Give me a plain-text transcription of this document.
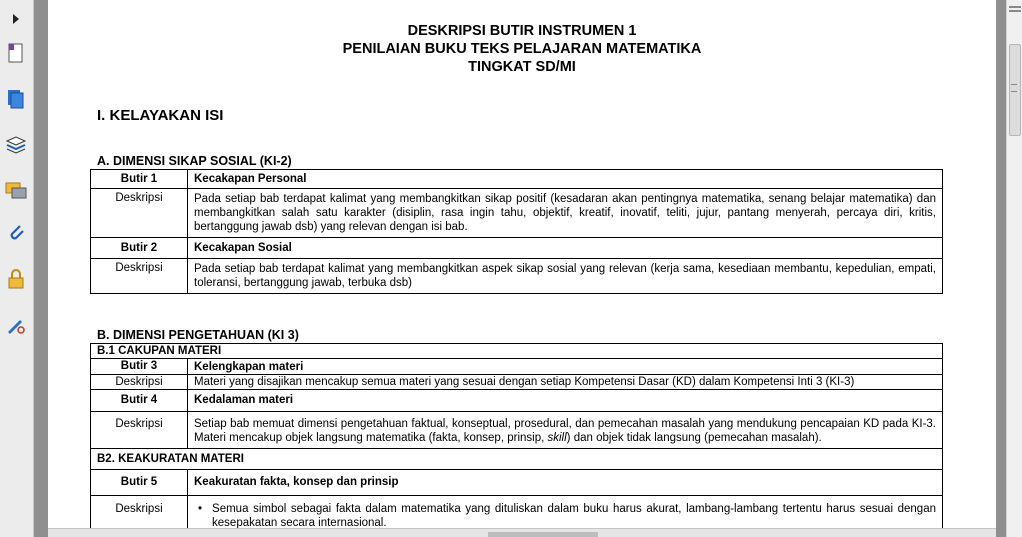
DESKRIPSI BUTIR INSTRUMEN 1
PENILAIAN BUKU TEKS PELAJARAN MATEMATIKA
TINGKAT SD/MI
I. KELAYAKAN ISI
A. DIMENSI SIKAP SOSIAL (KI-2)
Butir 1	Kecakapan Personal
Deskripsi	Pada setiap bab terdapat kalimat yang membangkitkan sikap positif (kesadaran akan pentingnya matematika, senang belajar matematika) dan membangkitkan salah satu karakter (disiplin, rasa ingin tahu, objektif, kreatif, inovatif, teliti, jujur, pantang menyerah, percaya diri, kritis, bertanggung jawab dsb) yang relevan dengan isi bab.
Butir 2	Kecakapan Sosial
Deskripsi	Pada setiap bab terdapat kalimat yang membangkitkan aspek sikap sosial yang relevan (kerja sama, kesediaan membantu, kepedulian, empati, toleransi, bertanggung jawab, terbuka dsb)
B. DIMENSI PENGETAHUAN (KI 3)
B.1 CAKUPAN MATERI	
Butir 3	Kelengkapan materi
Deskripsi	Materi yang disajikan mencakup semua materi yang sesuai dengan setiap Kompetensi Dasar (KD) dalam Kompetensi Inti 3 (KI-3)
Butir 4	Kedalaman materi
Deskripsi	Setiap bab memuat dimensi pengetahuan faktual, konseptual, prosedural, dan pemecahan masalah yang mendukung pencapaian KD pada KI-3. Materi mencakup objek langsung matematika (fakta, konsep, prinsip, skill) dan objek tidak langsung (pemecahan masalah).
B2. KEAKURATAN MATERI	
Butir 5	Keakuratan fakta, konsep dan prinsip
Deskripsi	• Semua simbol sebagai fakta dalam matematika yang dituliskan dalam buku harus akurat, lambang-lambang tertentu harus sesuai dengan kesepakatan secara internasional.
